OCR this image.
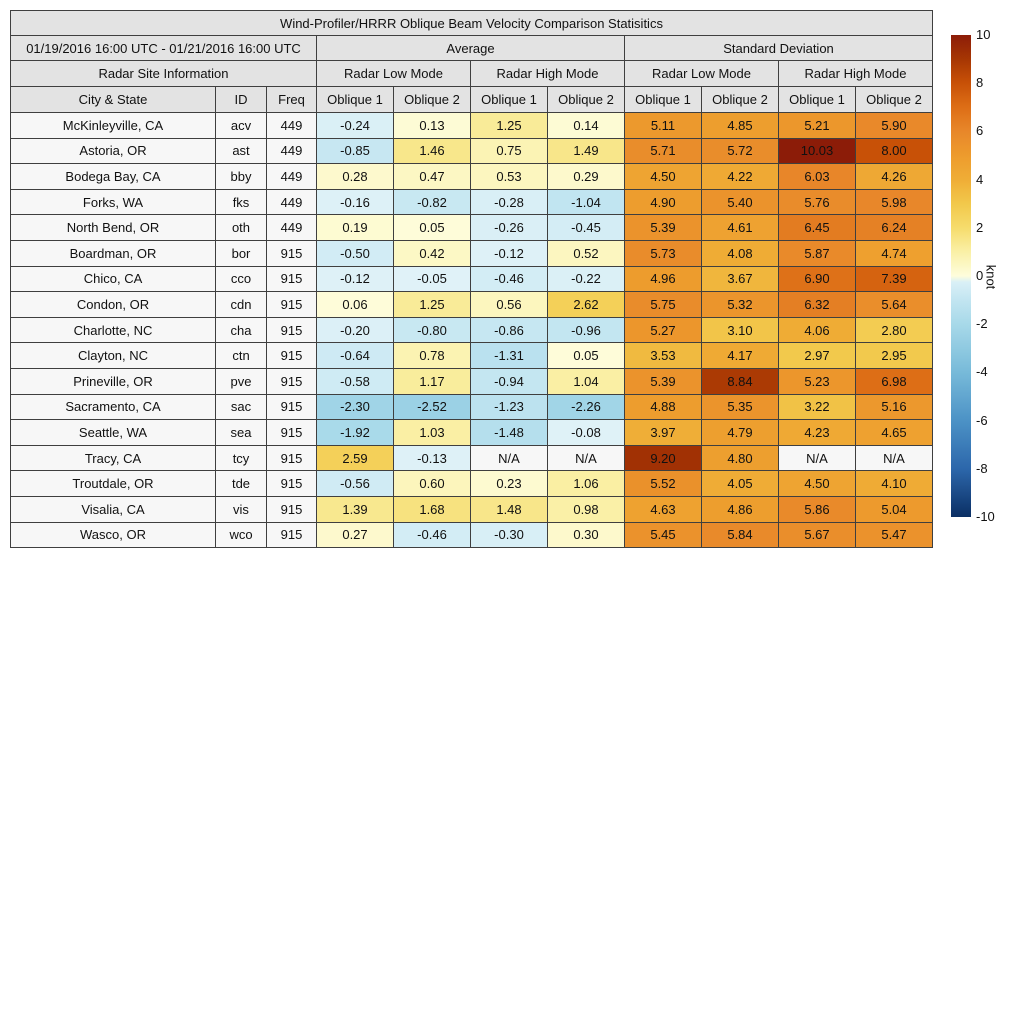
Wind-Profiler/HRRR Oblique Beam Velocity Comparison Statisitics										
01/19/2016 16:00 UTC - 01/21/2016 16:00 UTC			Average				Standard Deviation			
Radar Site Information			Radar Low Mode		Radar High Mode		Radar Low Mode		Radar High Mode	
City & State	ID	Freq	Oblique 1	Oblique 2	Oblique 1	Oblique 2	Oblique 1	Oblique 2	Oblique 1	Oblique 2
McKinleyville, CA	acv	449	-0.24	0.13	1.25	0.14	5.11	4.85	5.21	5.90
Astoria, OR	ast	449	-0.85	1.46	0.75	1.49	5.71	5.72	10.03	8.00
Bodega Bay, CA	bby	449	0.28	0.47	0.53	0.29	4.50	4.22	6.03	4.26
Forks, WA	fks	449	-0.16	-0.82	-0.28	-1.04	4.90	5.40	5.76	5.98
North Bend, OR	oth	449	0.19	0.05	-0.26	-0.45	5.39	4.61	6.45	6.24
Boardman, OR	bor	915	-0.50	0.42	-0.12	0.52	5.73	4.08	5.87	4.74
Chico, CA	cco	915	-0.12	-0.05	-0.46	-0.22	4.96	3.67	6.90	7.39
Condon, OR	cdn	915	0.06	1.25	0.56	2.62	5.75	5.32	6.32	5.64
Charlotte, NC	cha	915	-0.20	-0.80	-0.86	-0.96	5.27	3.10	4.06	2.80
Clayton, NC	ctn	915	-0.64	0.78	-1.31	0.05	3.53	4.17	2.97	2.95
Prineville, OR	pve	915	-0.58	1.17	-0.94	1.04	5.39	8.84	5.23	6.98
Sacramento, CA	sac	915	-2.30	-2.52	-1.23	-2.26	4.88	5.35	3.22	5.16
Seattle, WA	sea	915	-1.92	1.03	-1.48	-0.08	3.97	4.79	4.23	4.65
Tracy, CA	tcy	915	2.59	-0.13	N/A	N/A	9.20	4.80	N/A	N/A
Troutdale, OR	tde	915	-0.56	0.60	0.23	1.06	5.52	4.05	4.50	4.10
Visalia, CA	vis	915	1.39	1.68	1.48	0.98	4.63	4.86	5.86	5.04
Wasco, OR	wco	915	0.27	-0.46	-0.30	0.30	5.45	5.84	5.67	5.47
10
8
6
4
2
0
-2
-4
-6
-8
-10
knot
